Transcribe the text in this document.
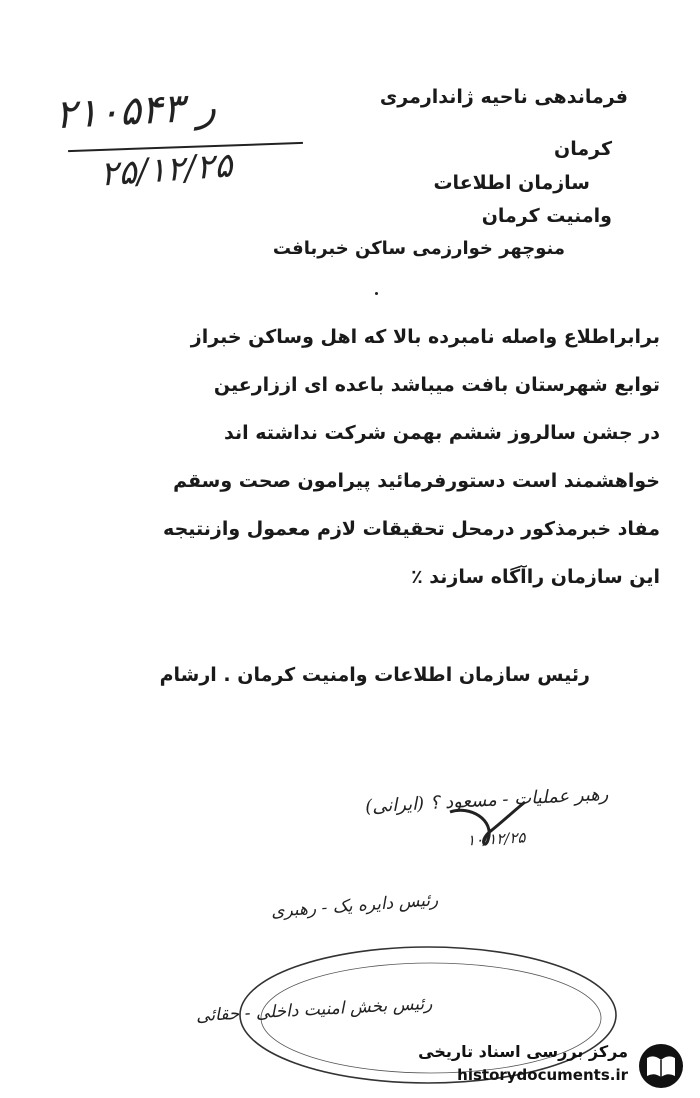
۲۱۰۵۴۳ ر
۲۵/۱۲/۲۵
فرماندهی ناحیه ژاندارمری
کرمان
سازمان اطلاعات
وامنیت کرمان
منوچهر خوارزمی ساکن خبربافت
برابراطلاع واصله نامبرده بالا که اهل وساکن خبراز
توابع شهرستان بافت میباشد باعده ای اززارعین
در جشن سالروز ششم بهمن شرکت نداشته اند
خواهشمند است دستورفرمائید پیرامون صحت وسقم
مفاد خبرمذکور درمحل تحقیقات لازم معمول وازنتیجه
این سازمان راآگاه سازند ٪
رئیس سازمان اطلاعات وامنیت کرمان . ارشام
رهبر عملیات - مسعود ؟ (ایرانی)
۱۰/۱۲/۲۵
رئیس دایره یک - رهبری
رئیس بخش امنیت داخلی - حقائی
مرکز بررسی اسناد تاریخی
historydocuments.ir
